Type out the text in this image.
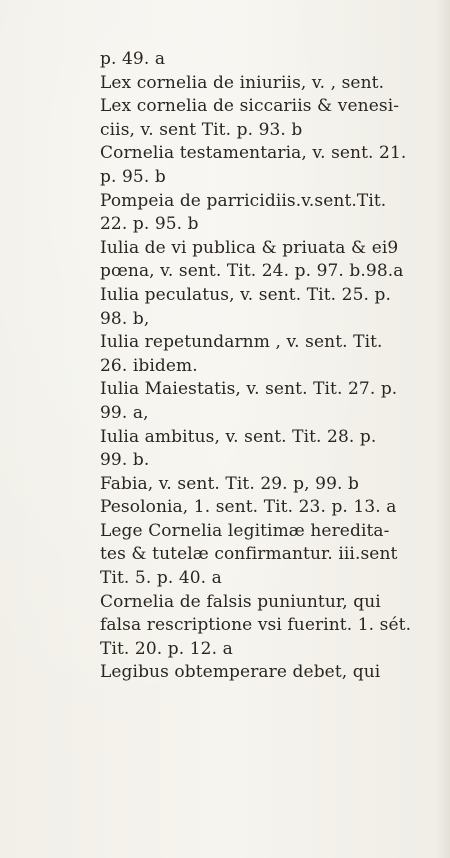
p. 49. a
Lex cornelia de iniuriis, v. , sent.
Lex cornelia de siccariis & venesi-
ciis, v. sent Tit. p. 93. b
Cornelia testamentaria, v. sent. 21.
p. 95. b
Pompeia de parricidiis.v.sent.Tit.
22. p. 95. b
Iulia de vi publica & priuata & ei9
pœna, v. sent. Tit. 24. p. 97. b.98.a
Iulia peculatus, v. sent. Tit. 25. p.
98. b,
Iulia repetundarnm , v. sent. Tit.
26. ibidem.
Iulia Maiestatis, v. sent. Tit. 27. p.
99. a,
Iulia ambitus, v. sent. Tit. 28. p.
99. b.
Fabia, v. sent. Tit. 29. p, 99. b
Pesolonia, 1. sent. Tit. 23. p. 13. a
Lege Cornelia legitimæ heredita-
tes & tutelæ confirmantur. iii.sent
Tit. 5. p. 40. a
Cornelia de falsis puniuntur, qui
falsa rescriptione vsi fuerint. 1. sét.
Tit. 20. p. 12. a
Legibus obtemperare debet, qui
